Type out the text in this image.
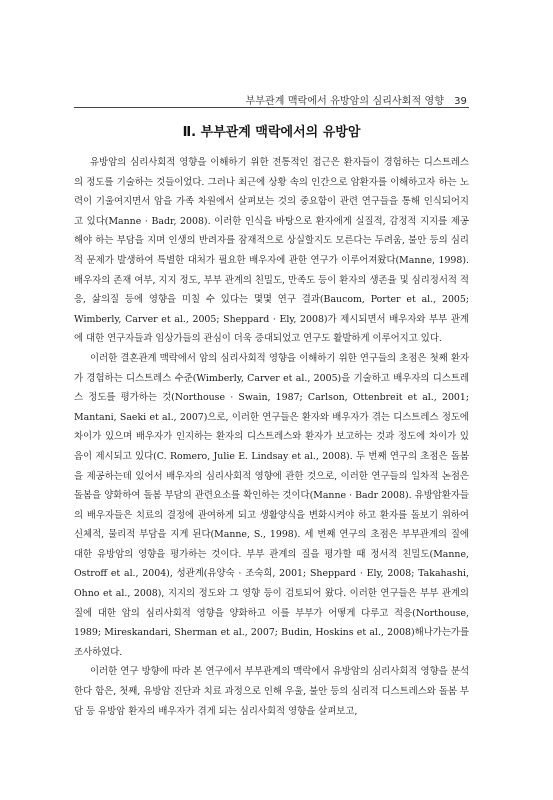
부부관계 맥락에서 유방암의 심리사회적 영향 39
Ⅱ. 부부관계 맥락에서의 유방암

유방암의 심리사회적 영향을 이해하기 위한 전통적인 접근은 환자들이 경험하는 디스트레스의 정도를 기술하는 것들이었다. 그러나 최근에 상황 속의 인간으로 암환자를 이해하고자 하는 노력이 기울여지면서 암을 가족 차원에서 살펴보는 것의 중요함이 관련 연구들을 통해 인식되어지고 있다(Manne · Badr, 2008). 이러한 인식을 바탕으로 환자에게 실질적, 감정적 지지를 제공해야 하는 부담을 지며 인생의 반려자를 잠재적으로 상실할지도 모른다는 두려움, 불안 등의 심리적 문제가 발생하여 특별한 대처가 필요한 배우자에 관한 연구가 이루어져왔다(Manne, 1998). 배우자의 존재 여부, 지지 정도, 부부 관계의 친밀도, 만족도 등이 환자의 생존율 및 심리정서적 적응, 삶의질 등에 영향을 미칠 수 있다는 몇몇 연구 결과(Baucom, Porter et al., 2005; Wimberly, Carver et al., 2005; Sheppard · Ely, 2008)가 제시되면서 배우자와 부부 관계에 대한 연구자들과 임상가들의 관심이 더욱 증대되었고 연구도 활발하게 이루어지고 있다.

이러한 결혼관계 맥락에서 암의 심리사회적 영향을 이해하기 위한 연구들의 초점은 첫째 환자가 경험하는 디스트레스 수준(Wimberly, Carver et al., 2005)을 기술하고 배우자의 디스트레스 정도를 평가하는 것(Northouse · Swain, 1987; Carlson, Ottenbreit et al., 2001; Mantani, Saeki et al., 2007)으로, 이러한 연구들은 환자와 배우자가 겪는 디스트레스 정도에 차이가 있으며 배우자가 인지하는 환자의 디스트레스와 환자가 보고하는 것과 정도에 차이가 있음이 제시되고 있다(C. Romero, Julie E. Lindsay et al., 2008). 두 번째 연구의 초점은 돌봄을 제공하는데 있어서 배우자의 심리사회적 영향에 관한 것으로, 이러한 연구들의 일차적 논점은 돌봄을 양화하여 돌봄 부담의 관련요소를 확인하는 것이다(Manne · Badr 2008). 유방암환자들의 배우자들은 치료의 결정에 관여하게 되고 생활양식을 변화시켜야 하고 환자를 돌보기 위하여 신체적, 물리적 부담을 지게 된다(Manne, S., 1998). 세 번째 연구의 초점은 부부관계의 질에 대한 유방암의 영향을 평가하는 것이다. 부부 관계의 질을 평가할 때 정서적 친밀도(Manne, Ostroff et al., 2004), 성관계(유양숙 · 조숙희, 2001; Sheppard · Ely, 2008; Takahashi, Ohno et al., 2008), 지지의 정도와 그 영향 등이 검토되어 왔다. 이러한 연구들은 부부 관계의 질에 대한 암의 심리사회적 영향을 양화하고 이를 부부가 어떻게 다루고 적응(Northouse, 1989; Mireskandari, Sherman et al., 2007; Budin, Hoskins et al., 2008)해나가는가를 조사하였다.

이러한 연구 방향에 따라 본 연구에서 부부관계의 맥락에서 유방암의 심리사회적 영향을 분석한다 함은, 첫째, 유방암 진단과 치료 과정으로 인해 우울, 불안 등의 심리적 디스트레스와 돌봄 부담 등 유방암 환자의 배우자가 겪게 되는 심리사회적 영향을 살펴보고,
